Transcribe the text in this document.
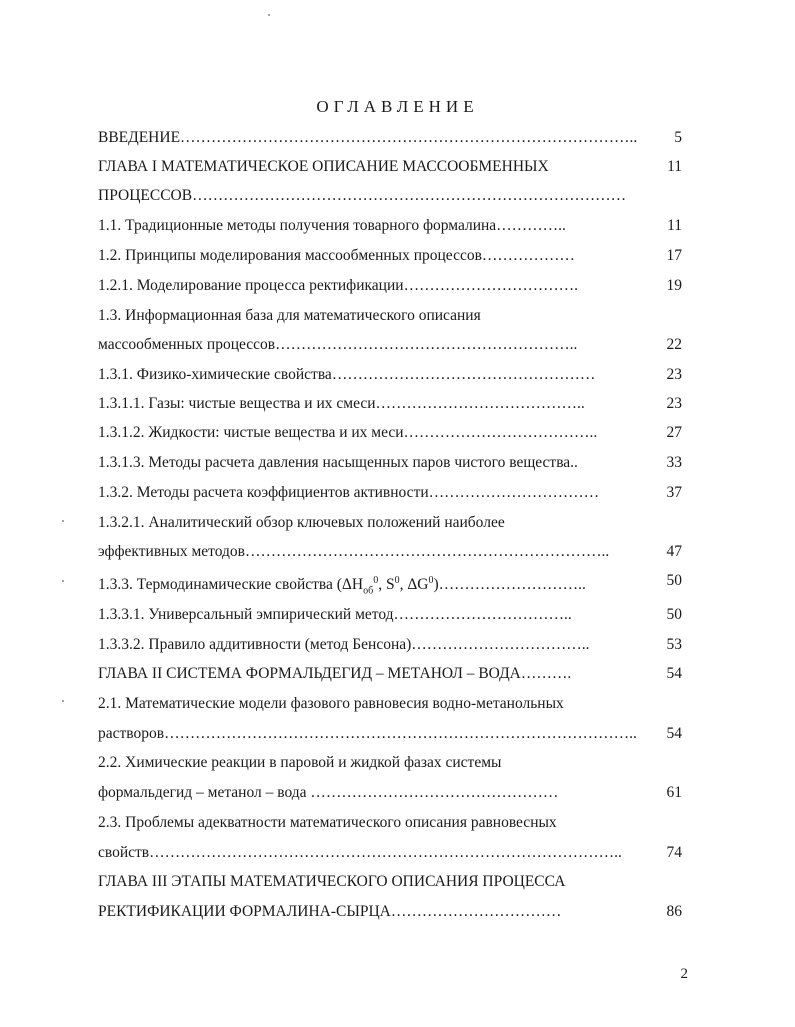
ОГЛАВЛЕНИЕ
ВВЕДЕНИЕ……………………………………………………………………………..	5
ГЛАВА I МАТЕМАТИЧЕСКОЕ ОПИСАНИЕ МАССООБМЕННЫХ	11
ПРОЦЕССОВ…………………………………………………………………………
1.1. Традиционные методы получения товарного формалина…………..	11
1.2. Принципы моделирования массообменных процессов………………	17
1.2.1. Моделирование процесса ректификации…………………………….	19
1.3. Информационная база для математического описания
массообменных процессов…………………………………………………..	22
1.3.1. Физико-химические свойства……………………………………………	23
1.3.1.1. Газы: чистые вещества и их смеси…………………………………..	23
1.3.1.2. Жидкости: чистые вещества и их меси………………………………..	27
1.3.1.3. Методы расчета давления насыщенных паров чистого вещества..	33
1.3.2. Методы расчета коэффициентов активности……………………………	37
1.3.2.1. Аналитический обзор ключевых положений наиболее
эффективных методов……………………………………………………………..	47
1.3.3. Термодинамические свойства ($\Delta H_{об}^0$, $S^0$, $\Delta G^0)\dots\dots\dots\dots\dots\dots\dots\dots\dots$..	50
1.3.3.1. Универсальный эмпирический метод……………………………..	50
1.3.3.2. Правило аддитивности (метод Бенсона)……………………………..	53
ГЛАВА II СИСТЕМА ФОРМАЛЬДЕГИД – МЕТАНОЛ – ВОДА……….	54
2.1. Математические модели фазового равновесия водно-метанольных
растворов………………………………………………………………………………..	54
2.2. Химические реакции в паровой и жидкой фазах системы
формальдегид – метанол – вода …………………………………………	61
2.3. Проблемы адекватности математического описания равновесных
свойств………………………………………………………………………………..	74
ГЛАВА III ЭТАПЫ МАТЕМАТИЧЕСКОГО ОПИСАНИЯ ПРОЦЕССА
РЕКТИФИКАЦИИ ФОРМАЛИНА-СЫРЦА……………………………	86
2
